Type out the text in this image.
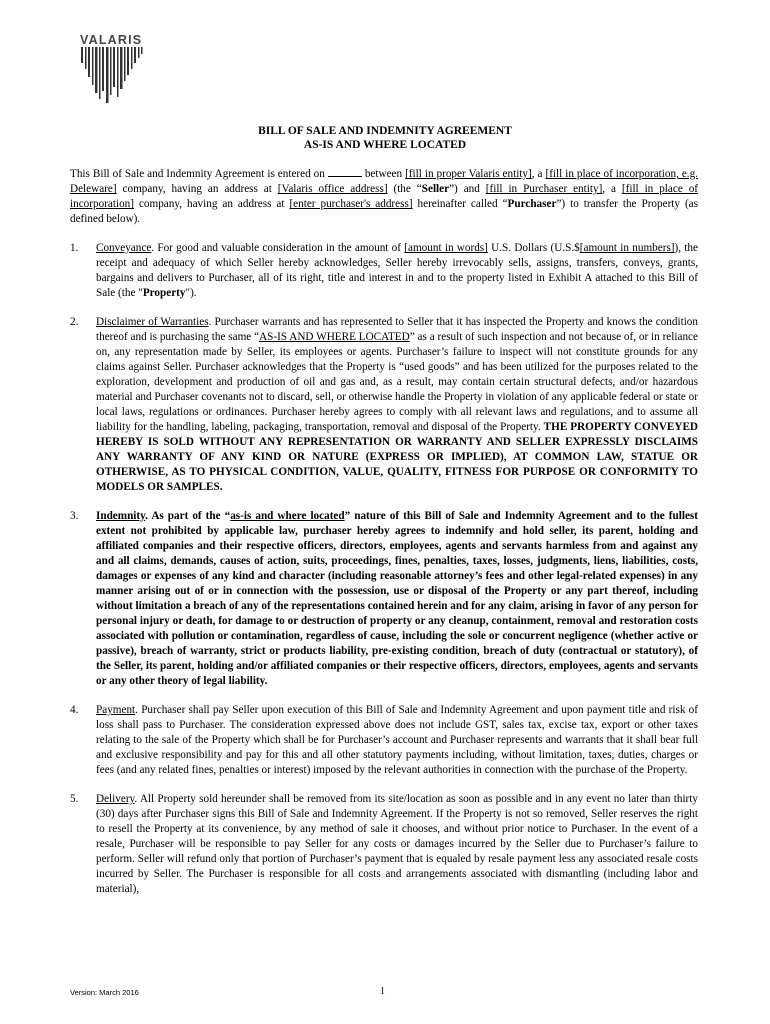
VALARIS
BILL OF SALE AND INDEMNITY AGREEMENT
AS-IS AND WHERE LOCATED

This Bill of Sale and Indemnity Agreement is entered on	between [fill in proper Valaris entity], a [fill in place of incorporation, e.g. Deleware] company, having an address at [Valaris office address] (the “Seller”) and [fill in Purchaser entity], a [fill in place of incorporation] company, having an address at [enter purchaser's address] hereinafter called “Purchaser”) to transfer the Property (as defined below).

1.	Conveyance. For good and valuable consideration in the amount of [amount in words] U.S. Dollars (U.S.$[amount in numbers]), the receipt and adequacy of which Seller hereby acknowledges, Seller hereby irrevocably sells, assigns, transfers, conveys, grants, bargains and delivers to Purchaser, all of its right, title and interest in and to the property listed in Exhibit A attached to this Bill of Sale (the "Property").
2.	Disclaimer of Warranties. Purchaser warrants and has represented to Seller that it has inspected the Property and knows the condition thereof and is purchasing the same “AS-IS AND WHERE LOCATED” as a result of such inspection and not because of, or in reliance on, any representation made by Seller, its employees or agents. Purchaser’s failure to inspect will not constitute grounds for any claims against Seller. Purchaser acknowledges that the Property is “used goods” and has been utilized for the purposes related to the exploration, development and production of oil and gas and, as a result, may contain certain structural defects, and/or hazardous material and Purchaser covenants not to discard, sell, or otherwise handle the Property in violation of any applicable federal or state or local laws, regulations or ordinances. Purchaser hereby agrees to comply with all relevant laws and regulations, and to assume all liability for the handling, labeling, packaging, transportation, removal and disposal of the Property. THE PROPERTY CONVEYED HEREBY IS SOLD WITHOUT ANY REPRESENTATION OR WARRANTY AND SELLER EXPRESSLY DISCLAIMS ANY WARRANTY OF ANY KIND OR NATURE (EXPRESS OR IMPLIED), AT COMMON LAW, STATUE OR OTHERWISE, AS TO PHYSICAL CONDITION, VALUE, QUALITY, FITNESS FOR PURPOSE OR CONFORMITY TO MODELS OR SAMPLES.
3.	Indemnity. As part of the “as-is and where located” nature of this Bill of Sale and Indemnity Agreement and to the fullest extent not prohibited by applicable law, purchaser hereby agrees to indemnify and hold seller, its parent, holding and affiliated companies and their respective officers, directors, employees, agents and servants harmless from and against any and all claims, demands, causes of action, suits, proceedings, fines, penalties, taxes, losses, judgments, liens, liabilities, costs, damages or expenses of any kind and character (including reasonable attorney’s fees and other legal-related expenses) in any manner arising out of or in connection with the possession, use or disposal of the Property or any part thereof, including without limitation a breach of any of the representations contained herein and for any claim, arising in favor of any person for personal injury or death, for damage to or destruction of property or any cleanup, containment, removal and restoration costs associated with pollution or contamination, regardless of cause, including the sole or concurrent negligence (whether active or passive), breach of warranty, strict or products liability, pre-existing condition, breach of duty (contractual or statutory), of the Seller, its parent, holding and/or affiliated companies or their respective officers, directors, employees, agents and servants or any other theory of legal liability.
4.	Payment. Purchaser shall pay Seller upon execution of this Bill of Sale and Indemnity Agreement and upon payment title and risk of loss shall pass to Purchaser. The consideration expressed above does not include GST, sales tax, excise tax, export or other taxes relating to the sale of the Property which shall be for Purchaser’s account and Purchaser represents and warrants that it shall bear full and exclusive responsibility and pay for this and all other statutory payments including, without limitation, taxes, duties, charges or fees (and any related fines, penalties or interest) imposed by the relevant authorities in connection with the purchase of the Property.
5.	Delivery. All Property sold hereunder shall be removed from its site/location as soon as possible and in any event no later than thirty (30) days after Purchaser signs this Bill of Sale and Indemnity Agreement. If the Property is not so removed, Seller reserves the right to resell the Property at its convenience, by any method of sale it chooses, and without prior notice to Purchaser. In the event of a resale, Purchaser will be responsible to pay Seller for any costs or damages incurred by the Seller due to Purchaser’s failure to perform. Seller will refund only that portion of Purchaser’s payment that is equaled by resale payment less any associated resale costs incurred by Seller. The Purchaser is responsible for all costs and arrangements associated with dismantling (including labor and material),
Version: March 2016	1
